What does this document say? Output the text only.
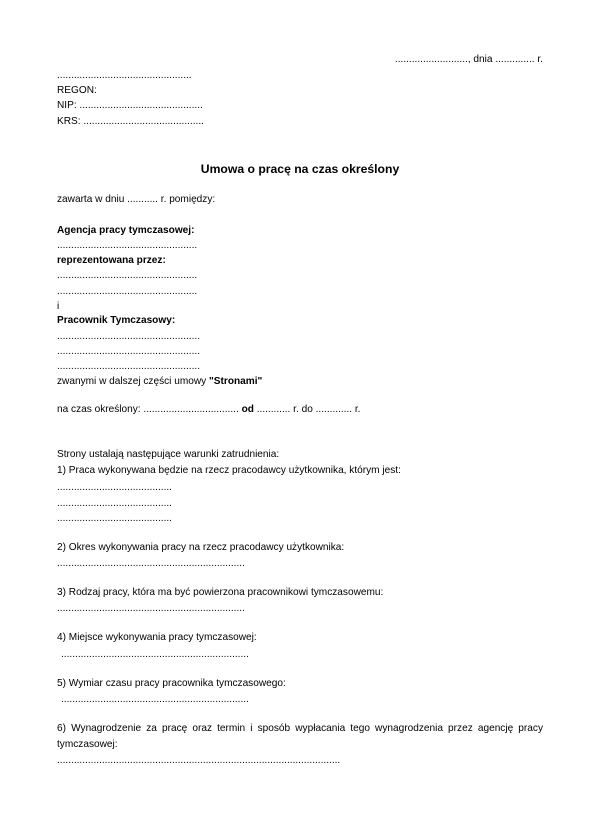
.........................., dnia .............. r.
................................................
REGON:
NIP: ............................................
KRS: ...........................................
Umowa o pracę na czas określony
zawarta w dniu ........... r. pomiędzy:
Agencja pracy tymczasowej:
..................................................
reprezentowana przez:
..................................................
..................................................
i
Pracownik Tymczasowy:
...................................................
...................................................
...................................................
zwanymi w dalszej części umowy "Stronami"
na czas określony: .................................. od ............ r. do ............. r.
Strony ustalają następujące warunki zatrudnienia:
1) Praca wykonywana będzie na rzecz pracodawcy użytkownika, którym jest:
.........................................
.........................................
.........................................
2) Okres wykonywania pracy na rzecz pracodawcy użytkownika:
...................................................................
3) Rodzaj pracy, która ma być powierzona pracownikowi tymczasowemu:
...................................................................
4) Miejsce wykonywania pracy tymczasowej:
...................................................................
5) Wymiar czasu pracy pracownika tymczasowego:
...................................................................
6) Wynagrodzenie za pracę oraz termin i sposób wypłacania tego wynagrodzenia przez agencję pracy
tymczasowej:
.....................................................................................................
